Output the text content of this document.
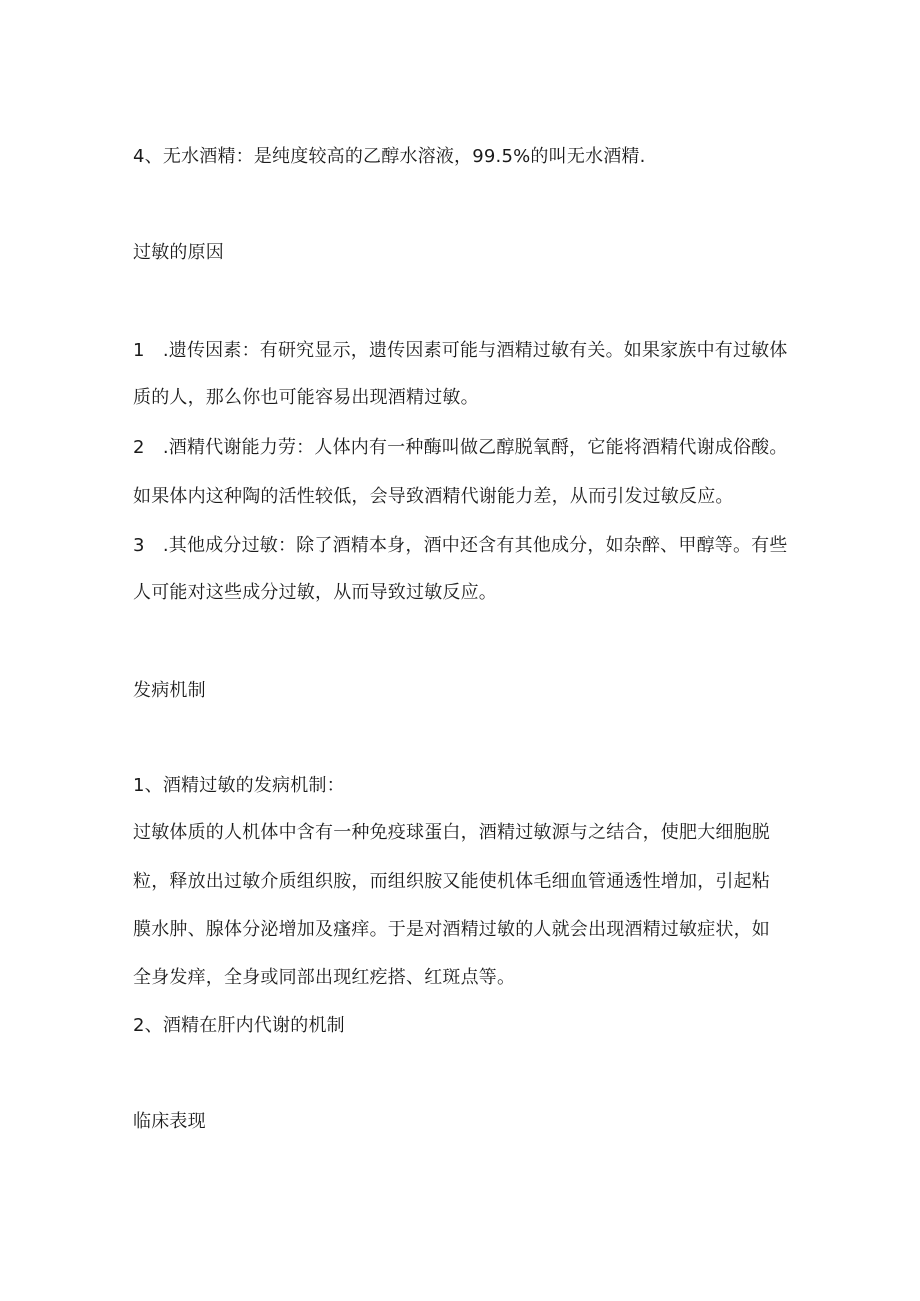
4、无水酒精：是纯度较高的乙醇水溶液，99.5%的叫无水酒精.
过敏的原因
1　.遗传因素：有研究显示，遗传因素可能与酒精过敏有关。如果家族中有过敏体
质的人，那么你也可能容易出现酒精过敏。
2　.酒精代谢能力劳：人体内有一种酶叫做乙醇脱氧酹，它能将酒精代谢成俗酸。
如果体内这种陶的活性较低，会导致酒精代谢能力差，从而引发过敏反应。
3　.其他成分过敏：除了酒精本身，酒中还含有其他成分，如杂醉、甲醇等。有些
人可能对这些成分过敏，从而导致过敏反应。
发病机制
1、酒精过敏的发病机制：
过敏体质的人机体中含有一种免疫球蛋白，酒精过敏源与之结合，使肥大细胞脱
粒，释放出过敏介质组织胺，而组织胺又能使机体毛细血管通透性增加，引起粘
膜水肿、腺体分泌增加及瘙痒。于是对酒精过敏的人就会出现酒精过敏症状，如
全身发痒，全身或同部出现红疙搭、红斑点等。
2、酒精在肝内代谢的机制
临床表现
